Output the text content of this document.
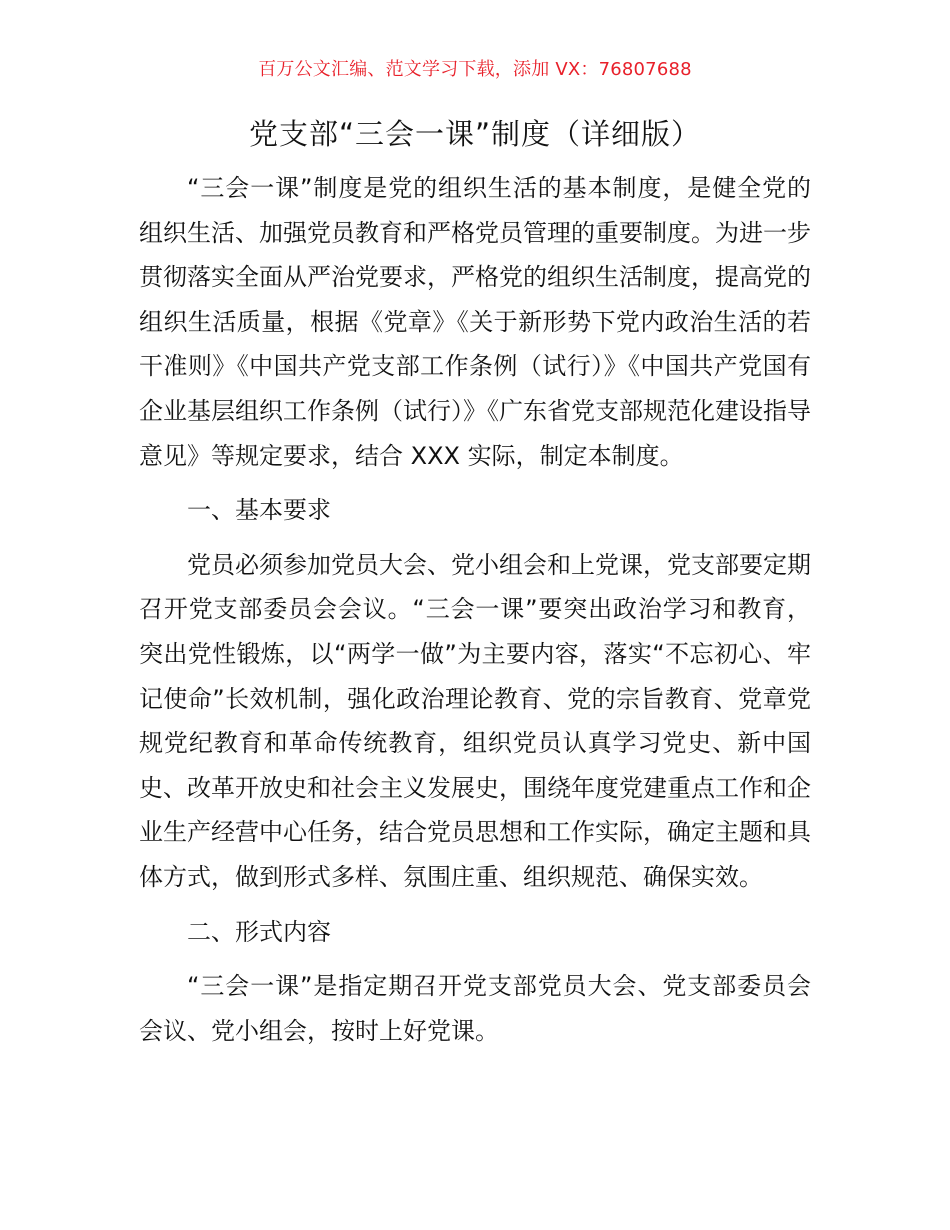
百万公文汇编、范文学习下载，添加 VX：76807688
党支部“三会一课”制度（详细版）

“三会一课”制度是党的组织生活的基本制度，是健全党的组织生活、加强党员教育和严格党员管理的重要制度。为进一步贯彻落实全面从严治党要求，严格党的组织生活制度，提高党的组织生活质量，根据《党章》《关于新形势下党内政治生活的若干准则》《中国共产党支部工作条例（试行）》《中国共产党国有企业基层组织工作条例（试行）》《广东省党支部规范化建设指导意见》等规定要求，结合 XXX 实际，制定本制度。

一、基本要求

党员必须参加党员大会、党小组会和上党课，党支部要定期召开党支部委员会会议。“三会一课”要突出政治学习和教育，突出党性锻炼，以“两学一做”为主要内容，落实“不忘初心、牢记使命”长效机制，强化政治理论教育、党的宗旨教育、党章党规党纪教育和革命传统教育，组织党员认真学习党史、新中国史、改革开放史和社会主义发展史，围绕年度党建重点工作和企业生产经营中心任务，结合党员思想和工作实际，确定主题和具体方式，做到形式多样、氛围庄重、组织规范、确保实效。

二、形式内容

“三会一课”是指定期召开党支部党员大会、党支部委员会会议、党小组会，按时上好党课。
